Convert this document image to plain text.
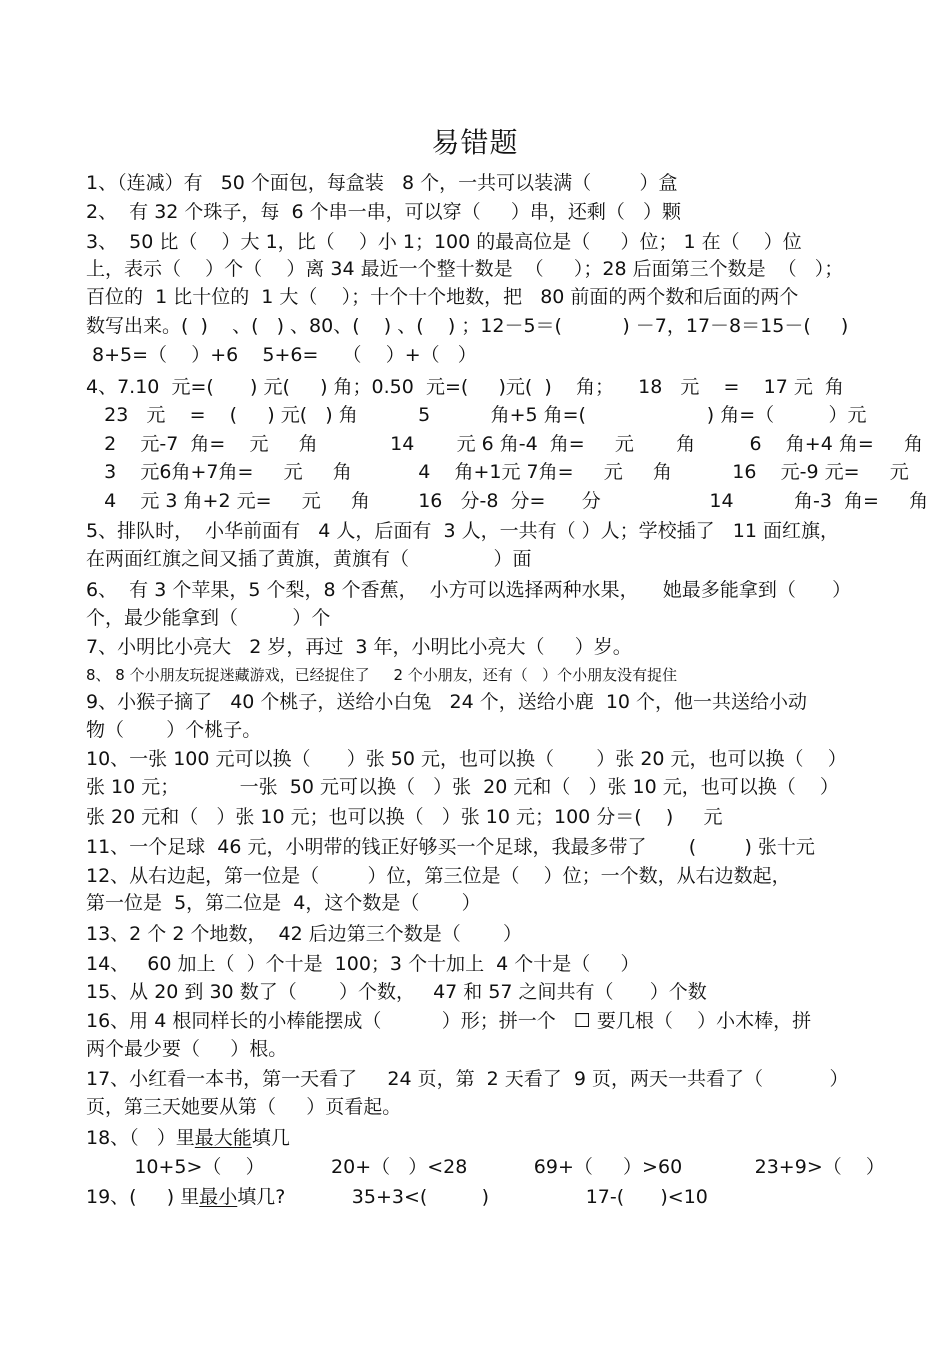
易错题
1、（连减）有   50 个面包，每盒装   8 个，一共可以装满（        ）盒
2、  有 32 个珠子，每  6 个串一串，可以穿（     ）串，还剩（   ）颗
3、  50 比（    ）大 1，比（    ）小 1；100 的最高位是（     ）位； 1 在（    ）位
上，表示（    ）个（    ）离 34 最近一个整十数是  （     ）；28 后面第三个数是  （   ）；
百位的  1 比十位的  1 大（    ）；十个十个地数，把   80 前面的两个数和后面的两个
数写出来。(  )    、(   ) 、80、(    ) 、(    ) ；12－5＝(          ) －7，17－8＝15－(     )
8+5=（    ）+6    5+6=    （    ）+（   ）
4、7.10  元=(      ) 元(     ) 角；0.50  元=(     )元(  )    角；    18   元    =    17 元  角
23   元    =    (     ) 元(   ) 角          5          角+5 角=(                    ) 角=（         ）元
2    元-7  角=    元     角            14       元 6 角-4  角=     元       角         6    角+4 角=     角
3    元6角+7角=     元     角           4    角+1元 7角=     元     角          16    元-9 元=     元
4    元 3 角+2 元=     元     角        16   分-8  分=      分                  14          角-3  角=     角
5、排队时，  小华前面有   4 人，后面有  3 人，一共有（ ）人；学校插了   11 面红旗，
在两面红旗之间又插了黄旗，黄旗有（              ）面
6、  有 3 个苹果，5 个梨，8 个香蕉，  小方可以选择两种水果，    她最多能拿到（      ）
个，最少能拿到（         ）个
7、小明比小亮大   2 岁，再过  3 年，小明比小亮大（     ）岁。
8、 8 个小朋友玩捉迷藏游戏，已经捉住了     2 个小朋友，还有（   ）个小朋友没有捉住
9、小猴子摘了   40 个桃子，送给小白兔   24 个，送给小鹿  10 个，他一共送给小动
物（       ）个桃子。
10、一张 100 元可以换（      ）张 50 元，也可以换（       ）张 20 元，也可以换（    ）
张 10 元；          一张  50 元可以换（   ）张  20 元和（   ）张 10 元，也可以换（    ）
张 20 元和（   ）张 10 元；也可以换（   ）张 10 元；100 分＝(    )     元
11、一个足球  46 元，小明带的钱正好够买一个足球，我最多带了       (        ) 张十元
12、从右边起，第一位是（        ）位，第三位是（    ）位；一个数，从右边数起，
第一位是  5，第二位是  4，这个数是（       ）
13、2 个 2 个地数，  42 后边第三个数是（       ）
14、   60 加上（  ）个十是  100；3 个十加上  4 个十是（     ）
15、从 20 到 30 数了（       ）个数，   47 和 57 之间共有（      ）个数
16、用 4 根同样长的小棒能摆成（          ）形；拼一个   ☐ 要几根（    ）小木棒，拼
两个最少要（     ）根。
17、小红看一本书，第一天看了     24 页，第  2 天看了  9 页，两天一共看了（           ）
页，第三天她要从第（     ）页看起。
18、（   ）里最大能填几
10+5>（    ）           20+（   ）<28           69+（     ）>60            23+9>（    ）
19、(     ) 里最小填几?           35+3<(         )                17-(      )<10
